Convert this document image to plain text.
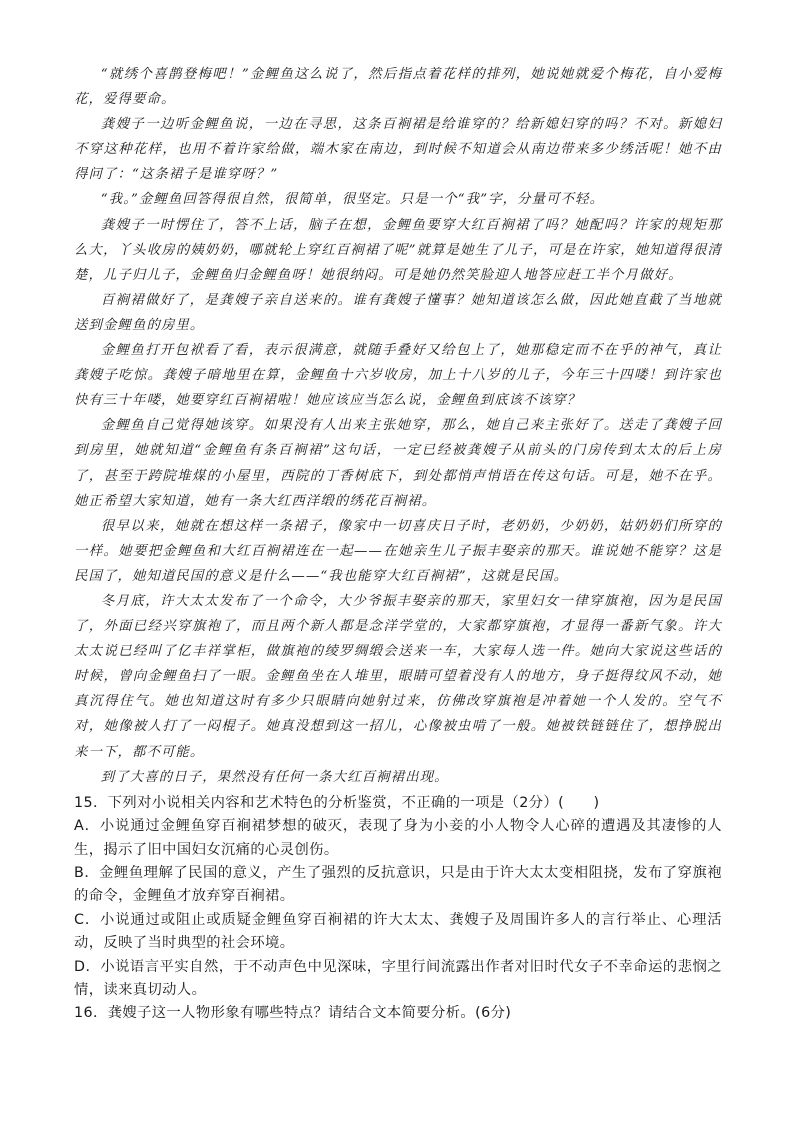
“就绣个喜鹊登梅吧！”金鲤鱼这么说了，然后指点着花样的排列，她说她就爱个梅花，自小爱梅花，爱得要命。

龚嫂子一边听金鲤鱼说，一边在寻思，这条百裥裙是给谁穿的？给新媳妇穿的吗？不对。新媳妇不穿这种花样，也用不着许家给做，端木家在南边，到时候不知道会从南边带来多少绣活呢！她不由得问了：“这条裙子是谁穿呀？”

“我。”金鲤鱼回答得很自然，很简单，很坚定。只是一个“我”字，分量可不轻。

龚嫂子一时愣住了，答不上话，脑子在想，金鲤鱼要穿大红百裥裙了吗？她配吗？许家的规矩那么大，丫头收房的姨奶奶，哪就轮上穿红百裥裙了呢”就算是她生了儿子，可是在许家，她知道得很清楚，儿子归儿子，金鲤鱼归金鲤鱼呀！她很纳闷。可是她仍然笑脸迎人地答应赶工半个月做好。

百裥裙做好了，是龚嫂子亲自送来的。谁有龚嫂子懂事？她知道该怎么做，因此她直截了当地就送到金鲤鱼的房里。

金鲤鱼打开包袱看了看，表示很满意，就随手叠好又给包上了，她那稳定而不在乎的神气，真让龚嫂子吃惊。龚嫂子暗地里在算，金鲤鱼十六岁收房，加上十八岁的儿子，今年三十四喽！到许家也快有三十年喽，她要穿红百裥裙啦！她应该应当怎么说，金鲤鱼到底该不该穿？

金鲤鱼自己觉得她该穿。如果没有人出来主张她穿，那么，她自己来主张好了。送走了龚嫂子回到房里，她就知道“金鲤鱼有条百裥裙”这句话，一定已经被龚嫂子从前头的门房传到太太的后上房了，甚至于跨院堆煤的小屋里，西院的丁香树底下，到处都悄声悄语在传这句话。可是，她不在乎。她正希望大家知道，她有一条大红西洋缎的绣花百裥裙。

很早以来，她就在想这样一条裙子，像家中一切喜庆日子时，老奶奶，少奶奶，姑奶奶们所穿的一样。她要把金鲤鱼和大红百裥裙连在一起——在她亲生儿子振丰娶亲的那天。谁说她不能穿？这是民国了，她知道民国的意义是什么——“我也能穿大红百裥裙”，这就是民国。

冬月底，许大太太发布了一个命令，大少爷振丰娶亲的那天，家里妇女一律穿旗袍，因为是民国了，外面已经兴穿旗袍了，而且两个新人都是念洋学堂的，大家都穿旗袍，才显得一番新气象。许大太太说已经叫了亿丰祥掌柜，做旗袍的绫罗绸缎会送来一车，大家每人选一件。她向大家说这些话的时候，曾向金鲤鱼扫了一眼。金鲤鱼坐在人堆里，眼睛可望着没有人的地方，身子挺得纹风不动，她真沉得住气。她也知道这时有多少只眼睛向她射过来，仿佛改穿旗袍是冲着她一个人发的。空气不对，她像被人打了一闷棍子。她真没想到这一招儿，心像被虫啃了一般。她被铁链链住了，想挣脱出来一下，都不可能。

到了大喜的日子，果然没有任何一条大红百裥裙出现。

15．下列对小说相关内容和艺术特色的分析鉴赏，不正确的一项是（2分）(　　)

A．小说通过金鲤鱼穿百裥裙梦想的破灭，表现了身为小妾的小人物令人心碎的遭遇及其凄惨的人生，揭示了旧中国妇女沉痛的心灵创伤。

B．金鲤鱼理解了民国的意义，产生了强烈的反抗意识，只是由于许大太太变相阻挠，发布了穿旗袍的命令，金鲤鱼才放弃穿百裥裙。

C．小说通过或阻止或质疑金鲤鱼穿百裥裙的许大太太、龚嫂子及周围许多人的言行举止、心理活动，反映了当时典型的社会环境。

D．小说语言平实自然，于不动声色中见深味，字里行间流露出作者对旧时代女子不幸命运的悲悯之情，读来真切动人。

16．龚嫂子这一人物形象有哪些特点？请结合文本简要分析。(6分)
